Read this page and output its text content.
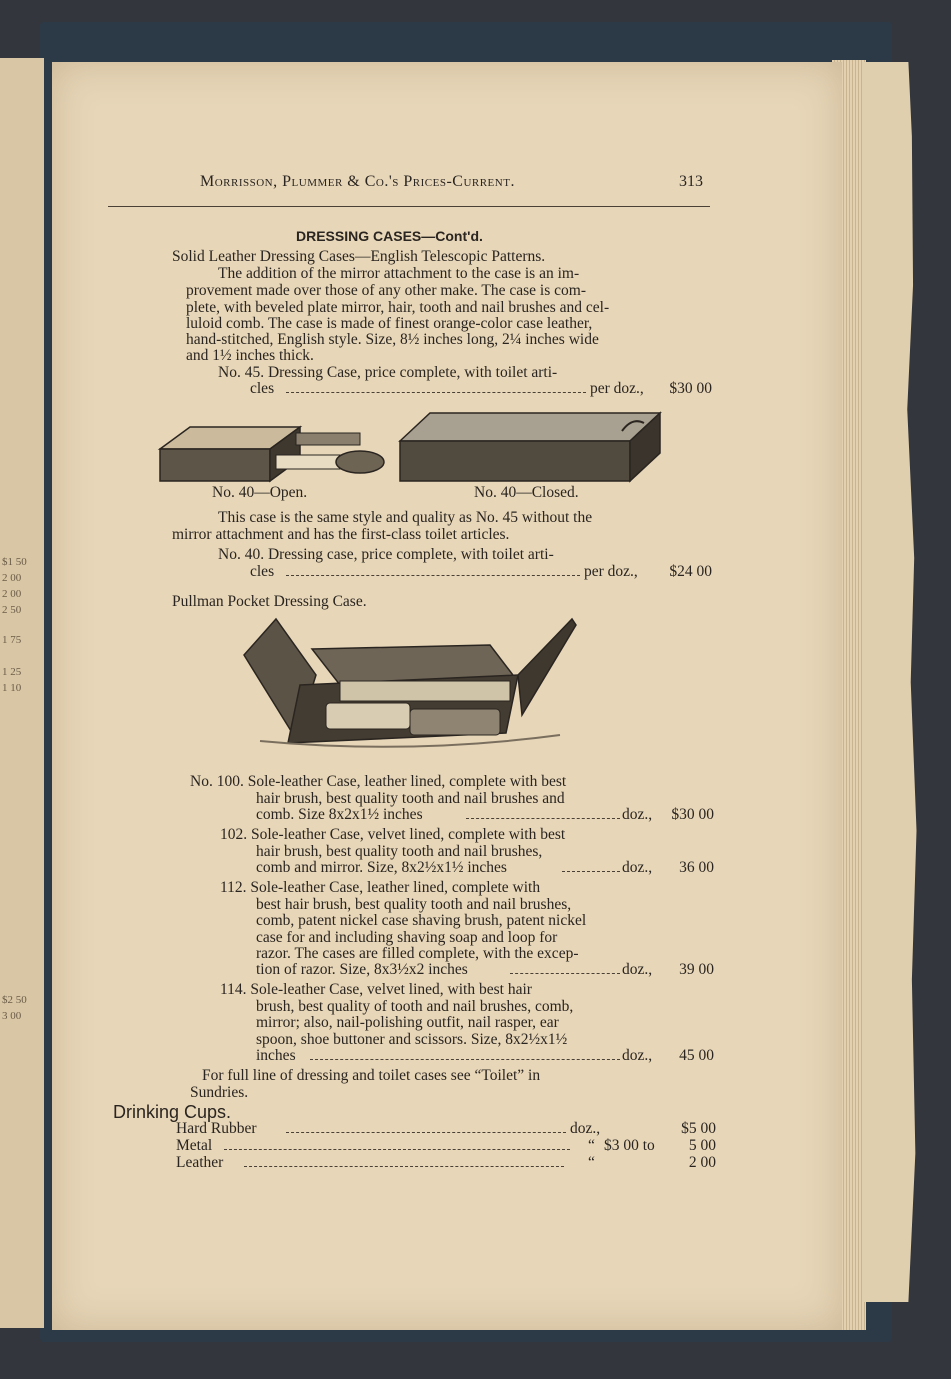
$1 50
2 00
2 00
2 50
1 75
1 25
1 10
$2 50
3 00
Morrisson, Plummer & Co.'s Prices-Current.	313
DRESSING CASES—Cont'd.
Solid Leather Dressing Cases—English Telescopic Patterns.
The addition of the mirror attachment to the case is an im-
provement made over those of any other make. The case is com-
plete, with beveled plate mirror, hair, tooth and nail brushes and cel-
luloid comb. The case is made of finest orange-color case leather,
hand-stitched, English style. Size, 8½ inches long, 2¼ inches wide
and 1½ inches thick.
No. 45. Dressing Case, price complete, with toilet arti-
cles	per doz.,	$30 00
No. 40—Open.	No. 40—Closed.
This case is the same style and quality as No. 45 without the
mirror attachment and has the first-class toilet articles.
No. 40. Dressing case, price complete, with toilet arti-
cles	per doz.,	$24 00
Pullman Pocket Dressing Case.
No. 100. Sole-leather Case, leather lined, complete with best
hair brush, best quality tooth and nail brushes and
comb. Size 8x2x1½ inches	doz.,	$30 00
102. Sole-leather Case, velvet lined, complete with best
hair brush, best quality tooth and nail brushes,
comb and mirror. Size, 8x2½x1½ inches	doz.,	36 00
112. Sole-leather Case, leather lined, complete with
best hair brush, best quality tooth and nail brushes,
comb, patent nickel case shaving brush, patent nickel
case for and including shaving soap and loop for
razor. The cases are filled complete, with the excep-
tion of razor. Size, 8x3½x2 inches	doz.,	39 00
114. Sole-leather Case, velvet lined, with best hair
brush, best quality of tooth and nail brushes, comb,
mirror; also, nail-polishing outfit, nail rasper, ear
spoon, shoe buttoner and scissors. Size, 8x2½x1½
inches	doz.,	45 00
For full line of dressing and toilet cases see “Toilet” in
Sundries.
Drinking Cups.
Hard Rubber	doz.,	$5 00
Metal	“ $3 00 to	5 00
Leather	“	2 00
